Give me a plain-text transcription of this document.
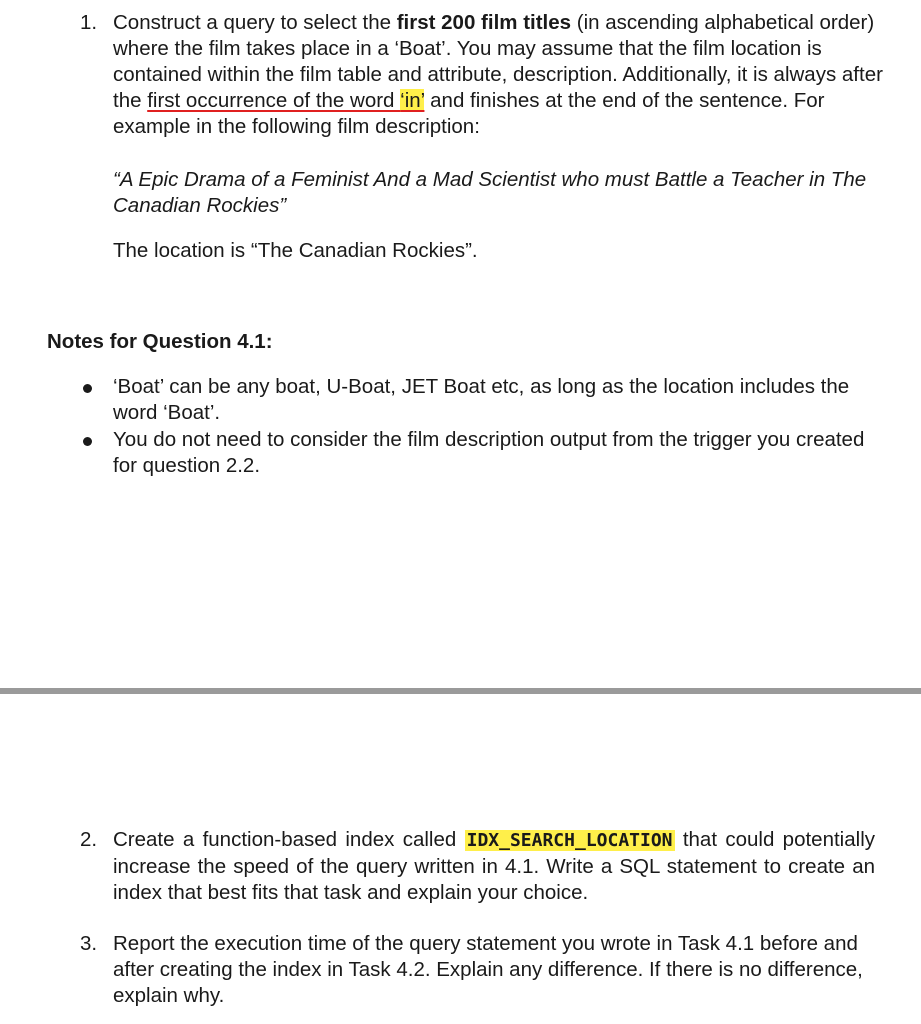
1. Construct a query to select the first 200 film titles (in ascending alphabetical order) where the film takes place in a ‘Boat’. You may assume that the film location is contained within the film table and attribute, description. Additionally, it is always after the first occurrence of the word ‘in’ and finishes at the end of the sentence. For example in the following film description:
“A Epic Drama of a Feminist And a Mad Scientist who must Battle a Teacher in The Canadian Rockies”
The location is “The Canadian Rockies”.
Notes for Question 4.1:
‘Boat’ can be any boat, U-Boat, JET Boat etc, as long as the location includes the word ‘Boat’.
You do not need to consider the film description output from the trigger you created for question 2.2.
2. Create a function-based index called IDX_SEARCH_LOCATION that could potentially increase the speed of the query written in 4.1. Write a SQL statement to create an index that best fits that task and explain your choice.
3. Report the execution time of the query statement you wrote in Task 4.1 before and after creating the index in Task 4.2. Explain any difference. If there is no difference, explain why.
